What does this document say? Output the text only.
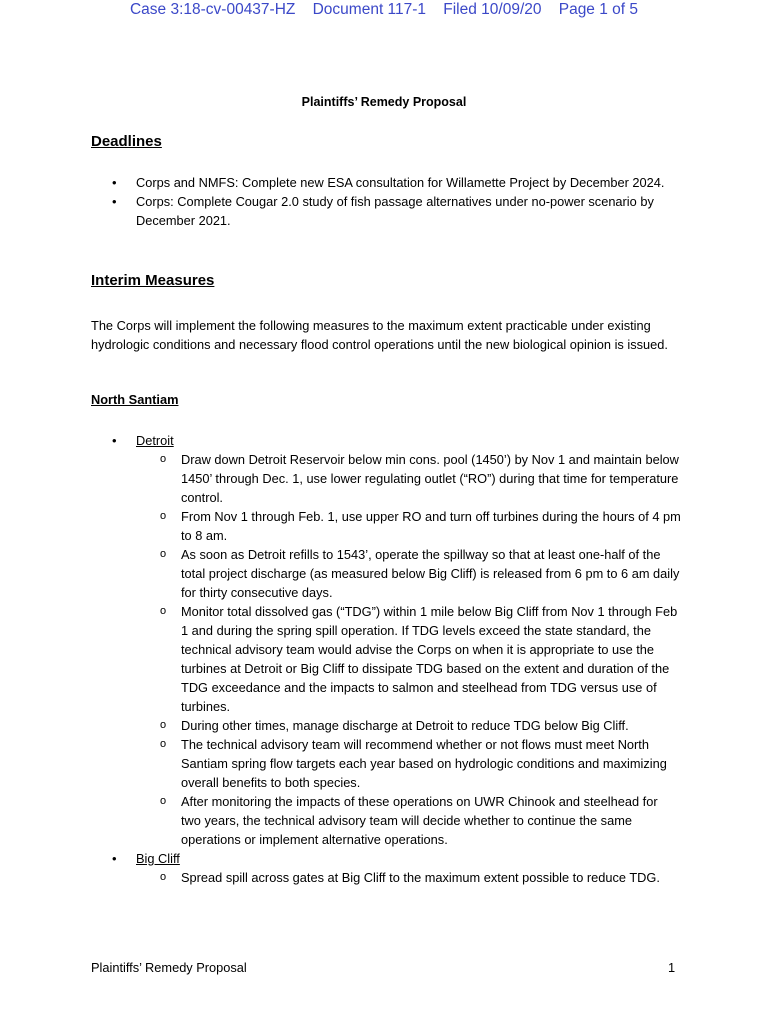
Case 3:18-cv-00437-HZ    Document 117-1    Filed 10/09/20    Page 1 of 5
Plaintiffs’ Remedy Proposal
Deadlines
• Corps and NMFS: Complete new ESA consultation for Willamette Project by December 2024.
• Corps: Complete Cougar 2.0 study of fish passage alternatives under no-power scenario by December 2021.
Interim Measures
The Corps will implement the following measures to the maximum extent practicable under existing hydrologic conditions and necessary flood control operations until the new biological opinion is issued.
North Santiam
• Detroit
o Draw down Detroit Reservoir below min cons. pool (1450’) by Nov 1 and maintain below 1450’ through Dec. 1, use lower regulating outlet (“RO”) during that time for temperature control.
o From Nov 1 through Feb. 1, use upper RO and turn off turbines during the hours of 4 pm to 8 am.
o As soon as Detroit refills to 1543’, operate the spillway so that at least one-half of the total project discharge (as measured below Big Cliff) is released from 6 pm to 6 am daily for thirty consecutive days.
o Monitor total dissolved gas (“TDG”) within 1 mile below Big Cliff from Nov 1 through Feb 1 and during the spring spill operation. If TDG levels exceed the state standard, the technical advisory team would advise the Corps on when it is appropriate to use the turbines at Detroit or Big Cliff to dissipate TDG based on the extent and duration of the TDG exceedance and the impacts to salmon and steelhead from TDG versus use of turbines.
o During other times, manage discharge at Detroit to reduce TDG below Big Cliff.
o The technical advisory team will recommend whether or not flows must meet North Santiam spring flow targets each year based on hydrologic conditions and maximizing overall benefits to both species.
o After monitoring the impacts of these operations on UWR Chinook and steelhead for two years, the technical advisory team will decide whether to continue the same operations or implement alternative operations.
• Big Cliff
o Spread spill across gates at Big Cliff to the maximum extent possible to reduce TDG.
Plaintiffs’ Remedy Proposal	1
